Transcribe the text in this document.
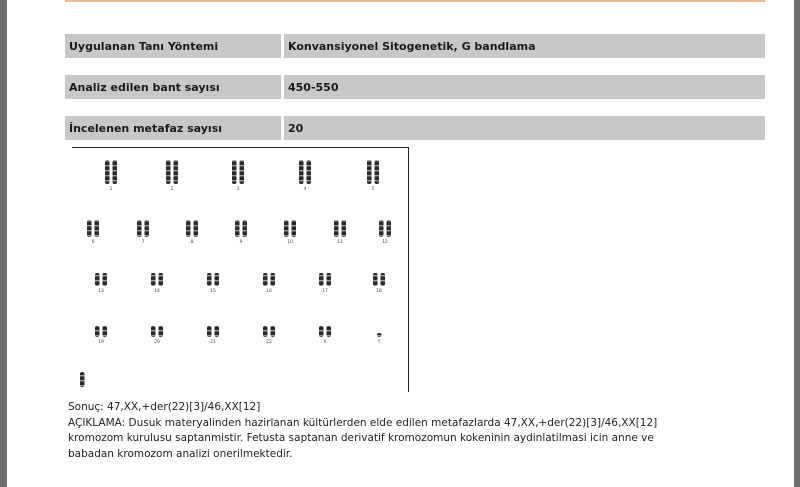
Uygulanan Tanı Yöntemi	Konvansiyonel Sitogenetik, G bandlama
Analiz edilen bant sayısı	450-550
İncelenen metafaz sayısı	20
1	2	3	4	5
6	7	8	9	10	11	12
13	14	15	16	17	18
19	20	21	22	X	Y

Sonuç: 47,XX,+der(22)[3]/46,XX[12]

AÇIKLAMA: Dusuk materyalinden hazirlanan kültürlerden elde edilen metafazlarda 47,XX,+der(22)[3]/46,XX[12]

kromozom kurulusu saptanmistir. Fetusta saptanan derivatif kromozomun kokeninin aydinlatilmasi icin anne ve

babadan kromozom analizi onerilmektedir.
